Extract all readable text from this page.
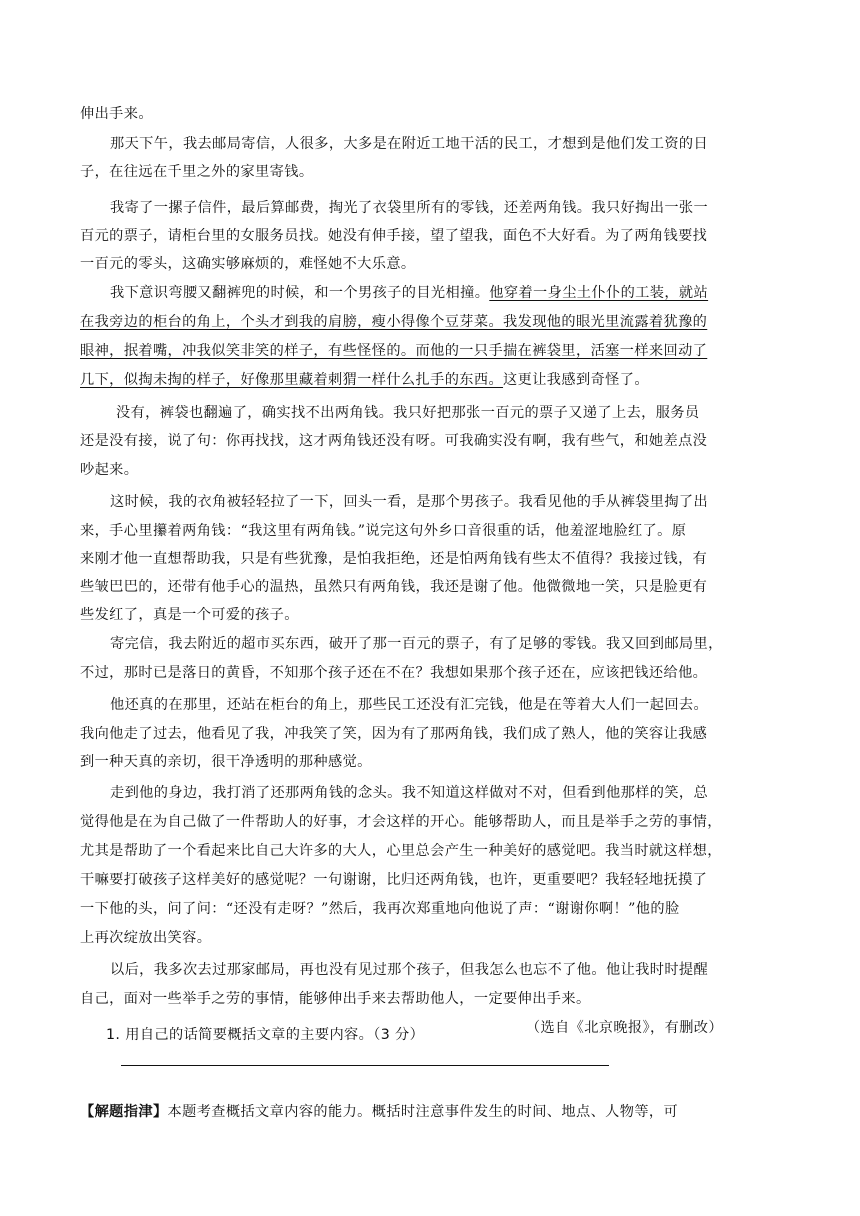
伸出手来。
那天下午，我去邮局寄信，人很多，大多是在附近工地干活的民工，才想到是他们发工资的日
子，在往远在千里之外的家里寄钱。
我寄了一摞子信件，最后算邮费，掏光了衣袋里所有的零钱，还差两角钱。我只好掏出一张一
百元的票子，请柜台里的女服务员找。她没有伸手接，望了望我，面色不大好看。为了两角钱要找
一百元的零头，这确实够麻烦的，难怪她不大乐意。
我下意识弯腰又翻裤兜的时候，和一个男孩子的目光相撞。他穿着一身尘土仆仆的工装，就站
在我旁边的柜台的角上，个头才到我的肩膀，瘦小得像个豆芽菜。我发现他的眼光里流露着犹豫的
眼神，抿着嘴，冲我似笑非笑的样子，有些怪怪的。而他的一只手揣在裤袋里，活塞一样来回动了
几下，似掏未掏的样子，好像那里藏着刺猬一样什么扎手的东西。这更让我感到奇怪了。
没有，裤袋也翻遍了，确实找不出两角钱。我只好把那张一百元的票子又递了上去，服务员
还是没有接，说了句：你再找找，这才两角钱还没有呀。可我确实没有啊，我有些气，和她差点没
吵起来。
这时候，我的衣角被轻轻拉了一下，回头一看，是那个男孩子。我看见他的手从裤袋里掏了出
来，手心里攥着两角钱：“我这里有两角钱。”说完这句外乡口音很重的话，他羞涩地脸红了。原
来刚才他一直想帮助我，只是有些犹豫，是怕我拒绝，还是怕两角钱有些太不值得？我接过钱，有
些皱巴巴的，还带有他手心的温热，虽然只有两角钱，我还是谢了他。他微微地一笑，只是脸更有
些发红了，真是一个可爱的孩子。
寄完信，我去附近的超市买东西，破开了那一百元的票子，有了足够的零钱。我又回到邮局里，
不过，那时已是落日的黄昏，不知那个孩子还在不在？我想如果那个孩子还在，应该把钱还给他。
他还真的在那里，还站在柜台的角上，那些民工还没有汇完钱，他是在等着大人们一起回去。
我向他走了过去，他看见了我，冲我笑了笑，因为有了那两角钱，我们成了熟人，他的笑容让我感
到一种天真的亲切，很干净透明的那种感觉。
走到他的身边，我打消了还那两角钱的念头。我不知道这样做对不对，但看到他那样的笑，总
觉得他是在为自己做了一件帮助人的好事，才会这样的开心。能够帮助人，而且是举手之劳的事情，
尤其是帮助了一个看起来比自己大许多的大人，心里总会产生一种美好的感觉吧。我当时就这样想，
干嘛要打破孩子这样美好的感觉呢？一句谢谢，比归还两角钱，也许，更重要吧？我轻轻地抚摸了
一下他的头，问了问：“还没有走呀？”然后，我再次郑重地向他说了声：“谢谢你啊！”他的脸
上再次绽放出笑容。
以后，我多次去过那家邮局，再也没有见过那个孩子，但我怎么也忘不了他。他让我时时提醒
自己，面对一些举手之劳的事情，能够伸出手来去帮助他人，一定要伸出手来。
（选自《北京晚报》，有删改）
1. 用自己的话简要概括文章的主要内容。（3 分）
【解题指津】本题考查概括文章内容的能力。概括时注意事件发生的时间、地点、人物等，可
